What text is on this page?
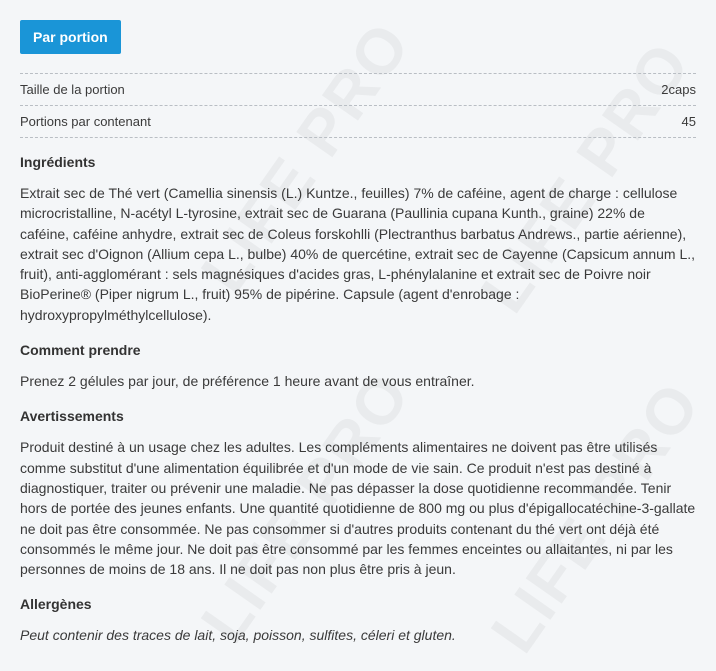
Par portion
Taille de la portion	2caps
Portions par contenant	45
Ingrédients
Extrait sec de Thé vert (Camellia sinensis (L.) Kuntze., feuilles) 7% de caféine, agent de charge : cellulose microcristalline, N-acétyl L-tyrosine, extrait sec de Guarana (Paullinia cupana Kunth., graine) 22% de caféine, caféine anhydre, extrait sec de Coleus forskohlli (Plectranthus barbatus Andrews., partie aérienne), extrait sec d'Oignon (Allium cepa L., bulbe) 40% de quercétine, extrait sec de Cayenne (Capsicum annum L., fruit), anti-agglomérant : sels magnésiques d'acides gras, L-phénylalanine et extrait sec de Poivre noir BioPerine® (Piper nigrum L., fruit) 95% de pipérine. Capsule (agent d'enrobage : hydroxypropylméthylcellulose).
Comment prendre
Prenez 2 gélules par jour, de préférence 1 heure avant de vous entraîner.
Avertissements
Produit destiné à un usage chez les adultes. Les compléments alimentaires ne doivent pas être utilisés comme substitut d'une alimentation équilibrée et d'un mode de vie sain. Ce produit n'est pas destiné à diagnostiquer, traiter ou prévenir une maladie. Ne pas dépasser la dose quotidienne recommandée. Tenir hors de portée des jeunes enfants. Une quantité quotidienne de 800 mg ou plus d'épigallocatéchine-3-gallate ne doit pas être consommée. Ne pas consommer si d'autres produits contenant du thé vert ont déjà été consommés le même jour. Ne doit pas être consommé par les femmes enceintes ou allaitantes, ni par les personnes de moins de 18 ans. Il ne doit pas non plus être pris à jeun.
Allergènes
Peut contenir des traces de lait, soja, poisson, sulfites, céleri et gluten.
